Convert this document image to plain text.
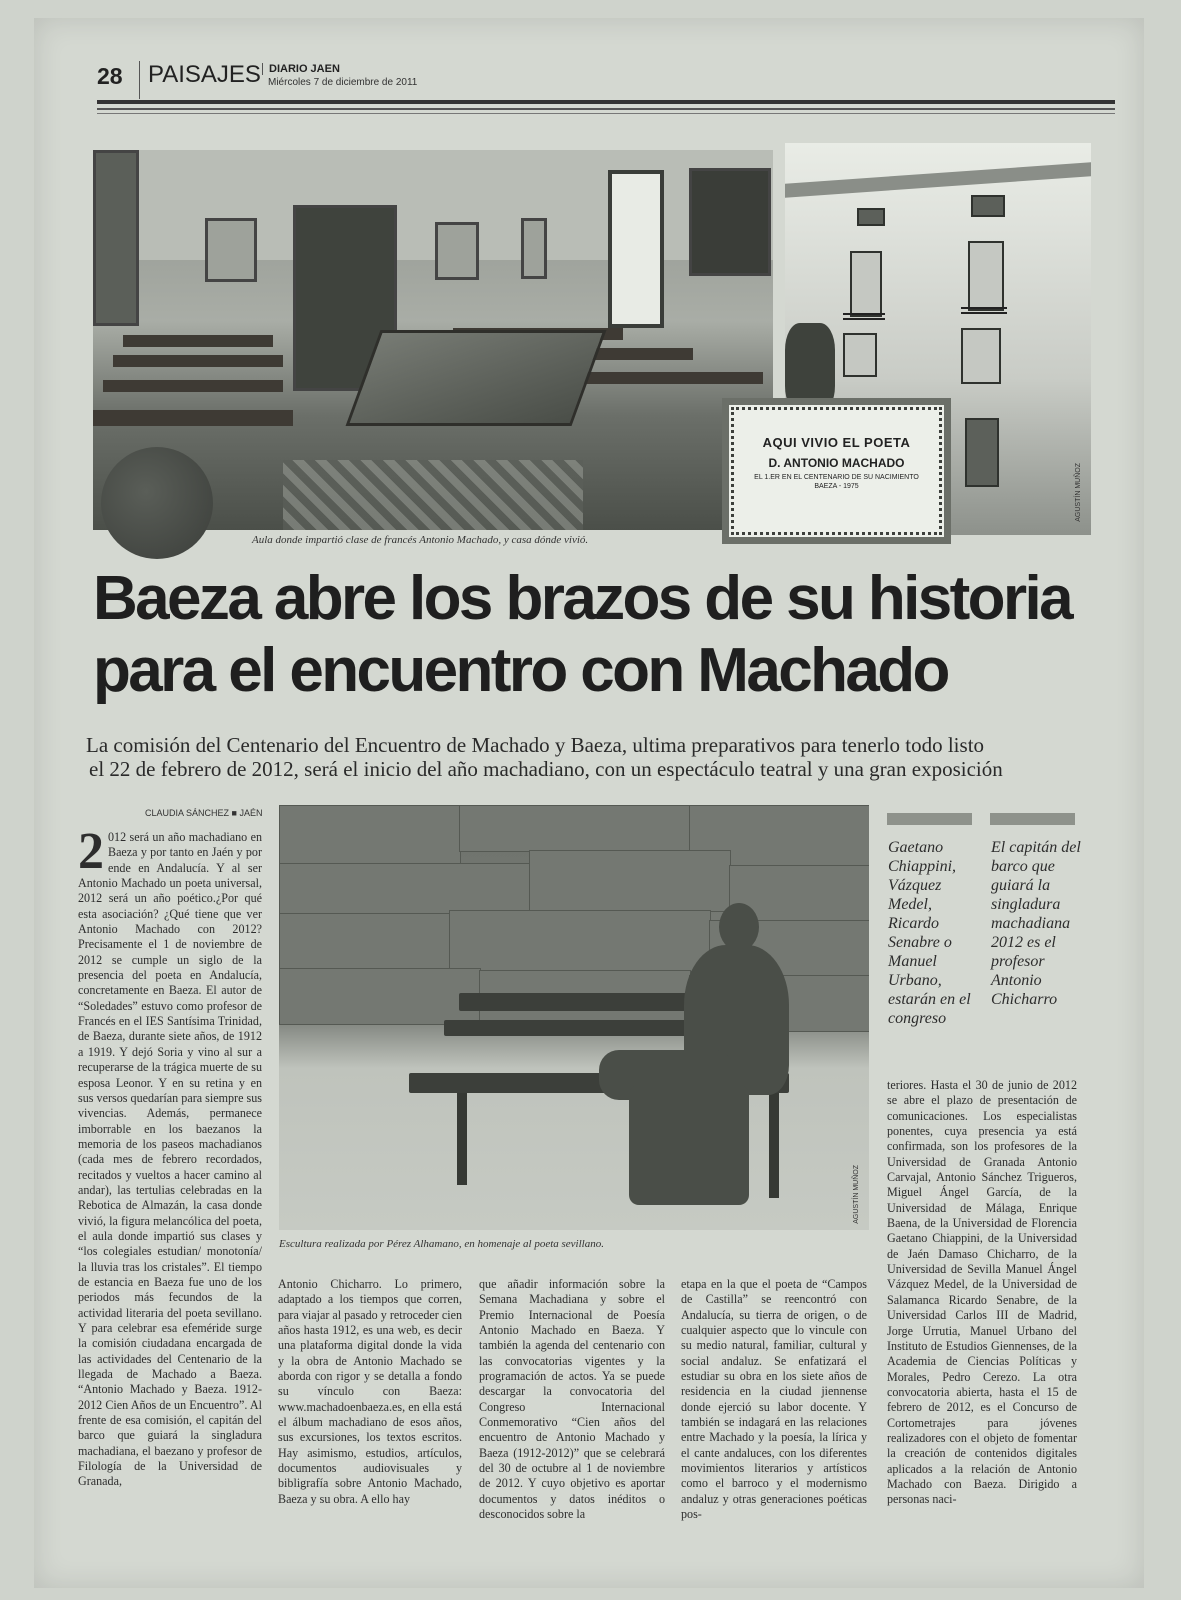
28	PAISAJES DIARIO JAEN
Miércoles 7 de diciembre de 2011
AGUSTÍN MUÑOZ
AQUI VIVIO EL POETA
D. ANTONIO MACHADO
EL 1.ER EN EL CENTENARIO DE SU NACIMIENTO
BAEZA - 1975
Aula donde impartió clase de francés Antonio Machado, y casa dónde vivió.
Baeza abre los brazos de su historia
para el encuentro con Machado
La comisión del Centenario del Encuentro de Machado y Baeza, ultima preparativos para tenerlo todo listo
el 22 de febrero de 2012, será el inicio del año machadiano, con un espectáculo teatral y una gran exposición
CLAUDIA SÁNCHEZ ■ JAÉN
2 012 será un año machadiano en Baeza y por tanto en Jaén y por ende en Andalucía. Y al ser Antonio Machado un poeta universal, 2012 será un año poético.¿Por qué esta asociación? ¿Qué tiene que ver Antonio Machado con 2012? Precisamente el 1 de noviembre de 2012 se cumple un siglo de la presencia del poeta en Andalucía, concretamente en Baeza. El autor de “Soledades” estuvo como profesor de Francés en el IES Santísima Trinidad, de Baeza, durante siete años, de 1912 a 1919. Y dejó Soria y vino al sur a recuperarse de la trágica muerte de su esposa Leonor. Y en su retina y en sus versos quedarían para siempre sus vivencias. Además, permanece imborrable en los baezanos la memoria de los paseos machadianos (cada mes de febrero recordados, recitados y vueltos a hacer camino al andar), las tertulias celebradas en la Rebotica de Almazán, la casa donde vivió, la figura melancólica del poeta, el aula donde impartió sus clases y “los colegiales estudian/ monotonía/ la lluvia tras los cristales”. El tiempo de estancia en Baeza fue uno de los periodos más fecundos de la actividad literaria del poeta sevillano. Y para celebrar esa efeméride surge la comisión ciudadana encargada de las actividades del Centenario de la llegada de Machado a Baeza. “Antonio Machado y Baeza. 1912-2012 Cien Años de un Encuentro”. Al frente de esa comisión, el capitán del barco que guiará la singladura machadiana, el baezano y profesor de Filología de la Universidad de Granada,
AGUSTÍN MUÑOZ
Escultura realizada por Pérez Alhamano, en homenaje al poeta sevillano.

Antonio Chicharro. Lo primero, adaptado a los tiempos que corren, para viajar al pasado y retroceder cien años hasta 1912, es una web, es decir una plataforma digital donde la vida y la obra de Antonio Machado se aborda con rigor y se detalla a fondo su vínculo con Baeza: www.machadoenbaeza.es, en ella está el álbum machadiano de esos años, sus excursiones, los textos escritos. Hay asimismo, estudios, artículos, documentos audiovisuales y bibligrafía sobre Antonio Machado, Baeza y su obra. A ello hay

que añadir información sobre la Semana Machadiana y sobre el Premio Internacional de Poesía Antonio Machado en Baeza. Y también la agenda del centenario con las convocatorias vigentes y la programación de actos. Ya se puede descargar la convocatoria del Congreso Internacional Conmemorativo “Cien años del encuentro de Antonio Machado y Baeza (1912-2012)” que se celebrará del 30 de octubre al 1 de noviembre de 2012. Y cuyo objetivo es aportar documentos y datos inéditos o desconocidos sobre la

etapa en la que el poeta de “Campos de Castilla” se reencontró con Andalucía, su tierra de origen, o de cualquier aspecto que lo vincule con su medio natural, familiar, cultural y social andaluz. Se enfatizará el estudiar su obra en los siete años de residencia en la ciudad jiennense donde ejerció su labor docente. Y también se indagará en las relaciones entre Machado y la poesía, la lírica y el cante andaluces, con los diferentes movimientos literarios y artísticos como el barroco y el modernismo andaluz y otras generaciones poéticas pos-

Gaetano Chiappini, Vázquez Medel, Ricardo Senabre o Manuel Urbano, estarán en el congreso
El capitán del barco que guiará la singladura machadiana 2012 es el profesor Antonio Chicharro

teriores. Hasta el 30 de junio de 2012 se abre el plazo de presentación de comunicaciones. Los especialistas ponentes, cuya presencia ya está confirmada, son los profesores de la Universidad de Granada Antonio Carvajal, Antonio Sánchez Trigueros, Miguel Ángel García, de la Universidad de Málaga, Enrique Baena, de la Universidad de Florencia Gaetano Chiappini, de la Universidad de Jaén Damaso Chicharro, de la Universidad de Sevilla Manuel Ángel Vázquez Medel, de la Universidad de Salamanca Ricardo Senabre, de la Universidad Carlos III de Madrid, Jorge Urrutia, Manuel Urbano del Instituto de Estudios Giennenses, de la Academia de Ciencias Políticas y Morales, Pedro Cerezo. La otra convocatoria abierta, hasta el 15 de febrero de 2012, es el Concurso de Cortometrajes para jóvenes realizadores con el objeto de fomentar la creación de contenidos digitales aplicados a la relación de Antonio Machado con Baeza. Dirigido a personas naci-
